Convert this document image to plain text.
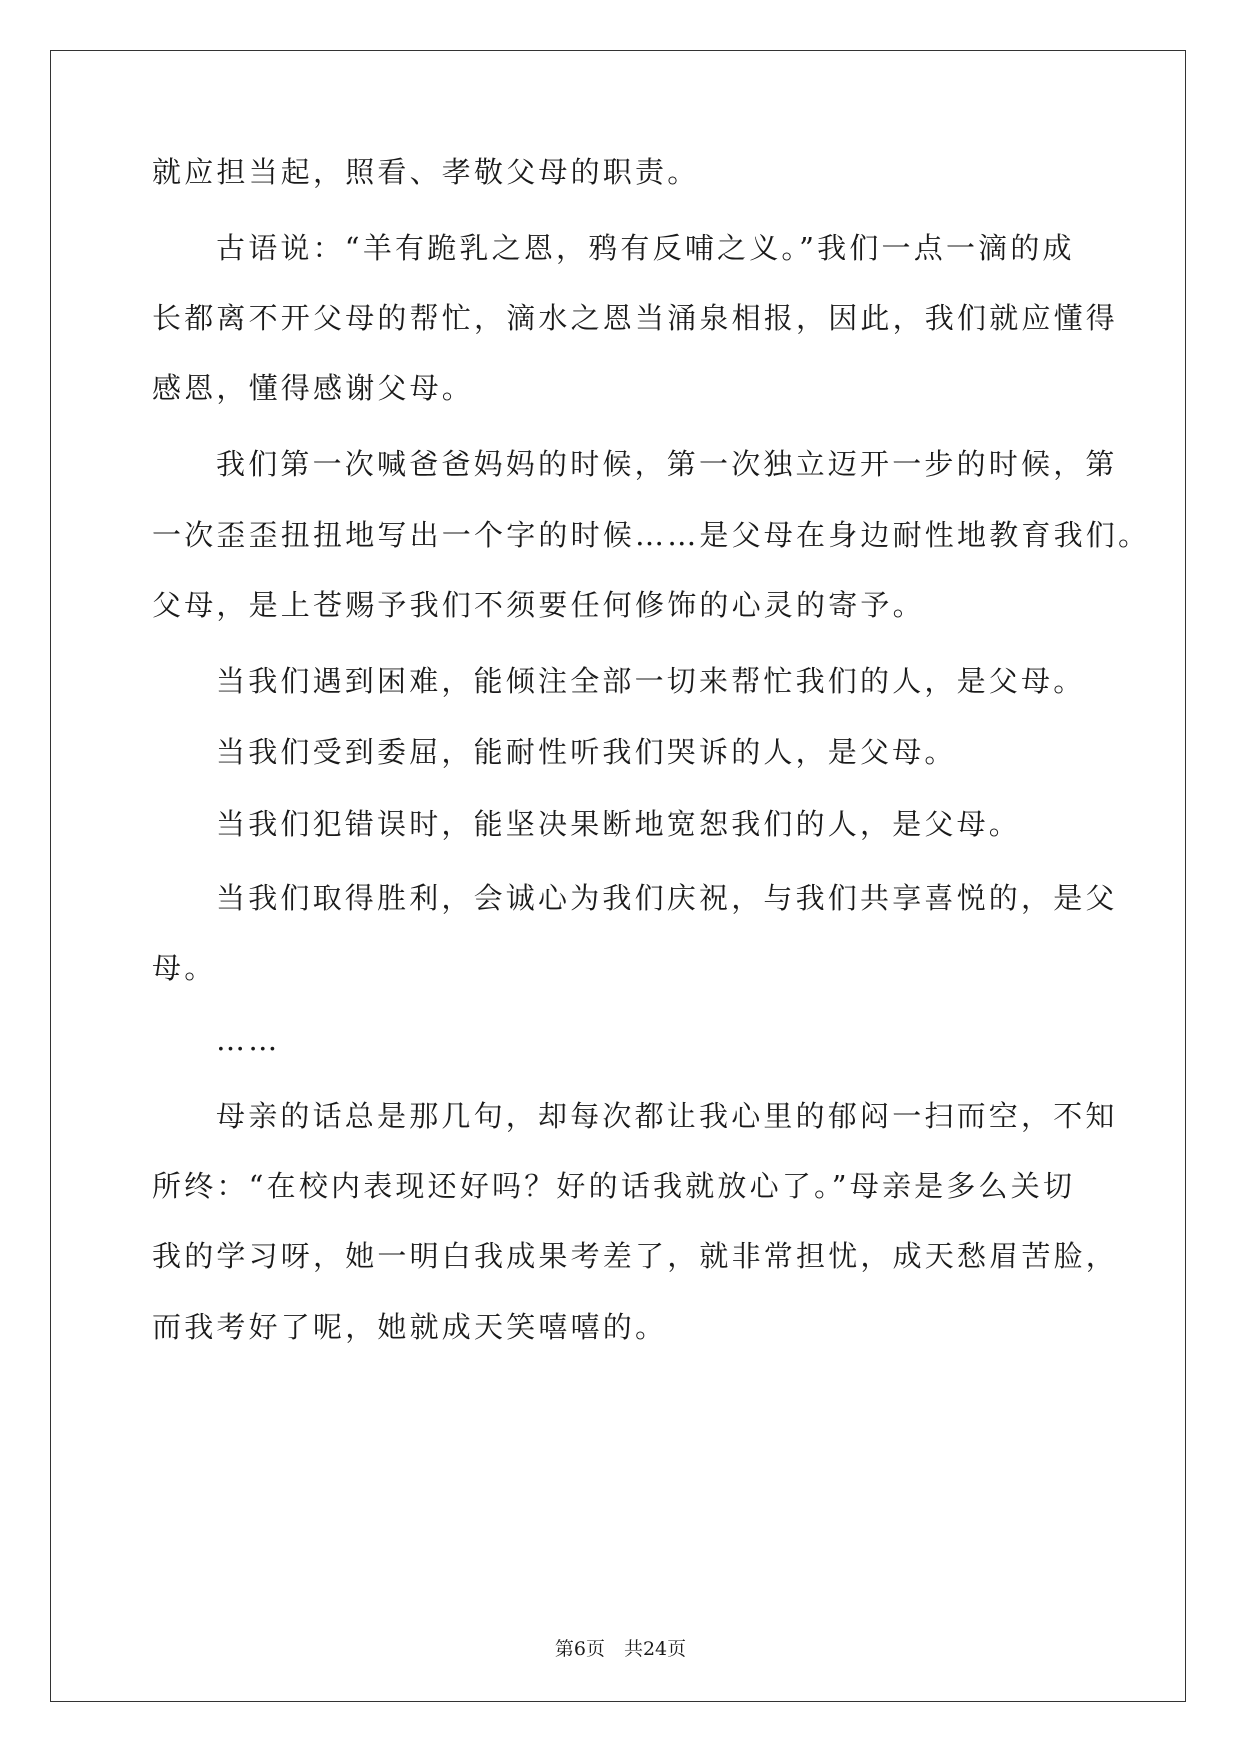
就应担当起，照看、孝敬父母的职责。
古语说：“羊有跪乳之恩，鸦有反哺之义。”我们一点一滴的成
长都离不开父母的帮忙，滴水之恩当涌泉相报，因此，我们就应懂得
感恩，懂得感谢父母。
我们第一次喊爸爸妈妈的时候，第一次独立迈开一步的时候，第
一次歪歪扭扭地写出一个字的时候……是父母在身边耐性地教育我们。
父母，是上苍赐予我们不须要任何修饰的心灵的寄予。
当我们遇到困难，能倾注全部一切来帮忙我们的人，是父母。
当我们受到委屈，能耐性听我们哭诉的人，是父母。
当我们犯错误时，能坚决果断地宽恕我们的人，是父母。
当我们取得胜利，会诚心为我们庆祝，与我们共享喜悦的，是父
母。
……
母亲的话总是那几句，却每次都让我心里的郁闷一扫而空，不知
所终：“在校内表现还好吗？好的话我就放心了。”母亲是多么关切
我的学习呀，她一明白我成果考差了，就非常担忧，成天愁眉苦脸，
而我考好了呢，她就成天笑嘻嘻的。
第6页　共24页
